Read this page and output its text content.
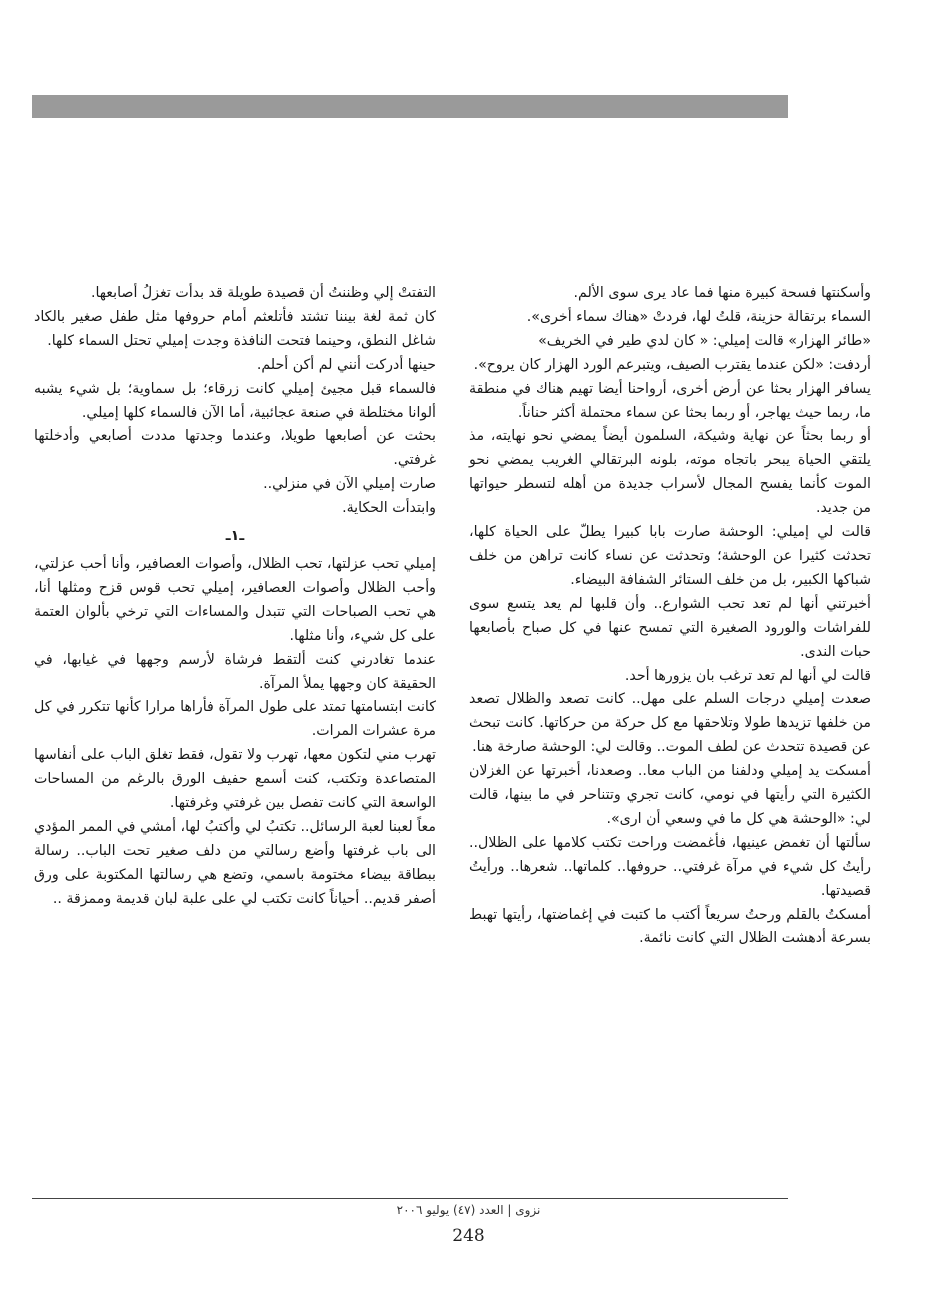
وأسكنتها فسحة كبيرة منها فما عاد يرى سوى الألم.

السماء برتقالة حزينة، قلتُ لها، فردتْ «هناك سماء أخرى».

«طائر الهزار» قالت إميلي: « كان لدي طير في الخريف»

أردفت: «لكن عندما يقترب الصيف، ويتبرعم الورد الهزار كان يروح».

يسافر الهزار بحثا عن أرض أخرى، أرواحنا أيضا تهيم هناك في منطقة ما، ربما حيث يهاجر، أو ربما بحثا عن سماء محتملة أكثر حناناً.

أو ربما بحثاً عن نهاية وشيكة، السلمون أيضاً يمضي نحو نهايته، مذ يلتقي الحياة يبحر باتجاه موته، بلونه البرتقالي الغريب يمضي نحو الموت كأنما يفسح المجال لأسراب جديدة من أهله لتسطر حيواتها من جديد.

قالت لي إميلي: الوحشة صارت بابا كبيرا يطلّ على الحياة كلها، تحدثت كثيرا عن الوحشة؛ وتحدثت عن نساء كانت تراهن من خلف شباكها الكبير، بل من خلف الستائر الشفافة البيضاء.

أخبرتني أنها لم تعد تحب الشوارع.. وأن قلبها لم يعد يتسع سوى للفراشات والورود الصغيرة التي تمسح عنها في كل صباح بأصابعها حبات الندى.

قالت لي أنها لم تعد ترغب بان يزورها أحد.

صعدت إميلي درجات السلم على مهل.. كانت تصعد والظلال تصعد من خلفها تزيدها طولا وتلاحقها مع كل حركة من حركاتها. كانت تبحث عن قصيدة تتحدث عن لطف الموت.. وقالت لي: الوحشة صارخة هنا.

أمسكت يد إميلي ودلفنا من الباب معا.. وصعدنا، أخبرتها عن الغزلان الكثيرة التي رأيتها في نومي، كانت تجري وتتناحر في ما بينها، قالت لي: «الوحشة هي كل ما في وسعي أن ارى».

سألتها أن تغمض عينيها، فأغمضت وراحت تكتب كلامها على الظلال.. رأيتُ كل شيء في مرآة غرفتي.. حروفها.. كلماتها.. شعرها.. ورأيتُ قصيدتها.

أمسكتُ بالقلم ورحتُ سريعاً أكتب ما كتبت في إغماضتها، رأيتها تهبط بسرعة أدهشت الظلال التي كانت نائمة.

التفتتْ إلي وظننتُ أن قصيدة طويلة قد بدأت تغزلُ أصابعها.

كان ثمة لغة بيننا تشتد فأتلعثم أمام حروفها مثل طفل صغير بالكاد شاغل النطق، وحينما فتحت النافذة وجدت إميلي تحتل السماء كلها.

حينها أدركت أنني لم أكن أحلم.

فالسماء قبل مجيئ إميلي كانت زرقاء؛ بل سماوية؛ بل شيء يشبه ألوانا مختلطة في صنعة عجائبية، أما الآن فالسماء كلها إميلي.

بحثت عن أصابعها طويلا، وعندما وجدتها مددت أصابعي وأدخلتها غرفتي.

صارت إميلي الآن في منزلي..

وابتدأت الحكاية.

ـ١ـ

إميلي تحب عزلتها، تحب الظلال، وأصوات العصافير، وأنا أحب عزلتي، وأحب الظلال وأصوات العصافير، إميلي تحب قوس قزح ومثلها أنا، هي تحب الصباحات التي تتبدل والمساءات التي ترخي بألوان العتمة على كل شيء، وأنا مثلها.

عندما تغادرني كنت ألتقط فرشاة لأرسم وجهها في غيابها، في الحقيقة كان وجهها يملأ المرآة.

كانت ابتسامتها تمتد على طول المرآة فأراها مرارا كأنها تتكرر في كل مرة عشرات المرات.

تهرب مني لتكون معها، تهرب ولا تقول، فقط تغلق الباب على أنفاسها المتصاعدة وتكتب، كنت أسمع حفيف الورق بالرغم من المساحات الواسعة التي كانت تفصل بين غرفتي وغرفتها.

معاً لعبنا لعبة الرسائل.. تكتبُ لي وأكتبُ لها، أمشي في الممر المؤدي الى باب غرفتها وأضع رسالتي من دلف صغير تحت الباب.. رسالة ببطاقة بيضاء مختومة باسمي، وتضع هي رسالتها المكتوبة على ورق أصفر قديم.. أحياناً كانت تكتب لي على علبة لبان قديمة وممزقة ..

نزوى | العدد (٤٧) يوليو ٢٠٠٦
248
